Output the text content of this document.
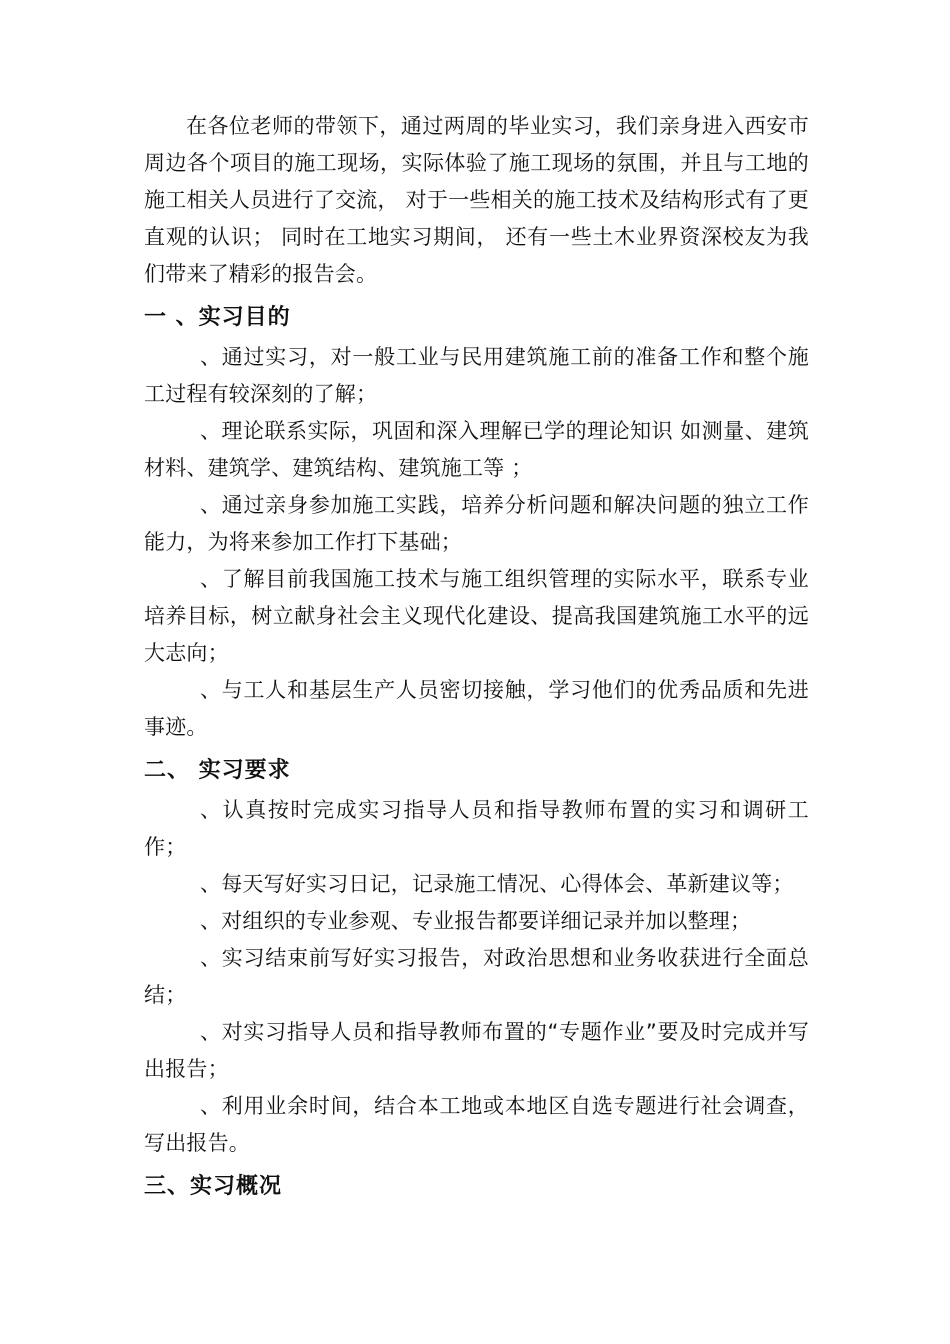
在各位老师的带领下，通过两周的毕业实习，我们亲身进入西安市周边各个项目的施工现场，实际体验了施工现场的氛围，并且与工地的施工相关人员进行了交流， 对于一些相关的施工技术及结构形式有了更直观的认识； 同时在工地实习期间， 还有一些土木业界资深校友为我们带来了精彩的报告会。

一 、实习目的

、通过实习，对一般工业与民用建筑施工前的准备工作和整个施工过程有较深刻的了解；

、理论联系实际，巩固和深入理解已学的理论知识 如测量、建筑材料、建筑学、建筑结构、建筑施工等 ；

、通过亲身参加施工实践，培养分析问题和解决问题的独立工作能力，为将来参加工作打下基础；

、了解目前我国施工技术与施工组织管理的实际水平，联系专业培养目标，树立献身社会主义现代化建设、提高我国建筑施工水平的远大志向；

、与工人和基层生产人员密切接触，学习他们的优秀品质和先进事迹。

二、 实习要求

、认真按时完成实习指导人员和指导教师布置的实习和调研工作；

、每天写好实习日记，记录施工情况、心得体会、革新建议等；

、对组织的专业参观、专业报告都要详细记录并加以整理；

、实习结束前写好实习报告，对政治思想和业务收获进行全面总结；

、对实习指导人员和指导教师布置的“专题作业”要及时完成并写出报告；

、利用业余时间，结合本工地或本地区自选专题进行社会调查，写出报告。

三、实习概况
